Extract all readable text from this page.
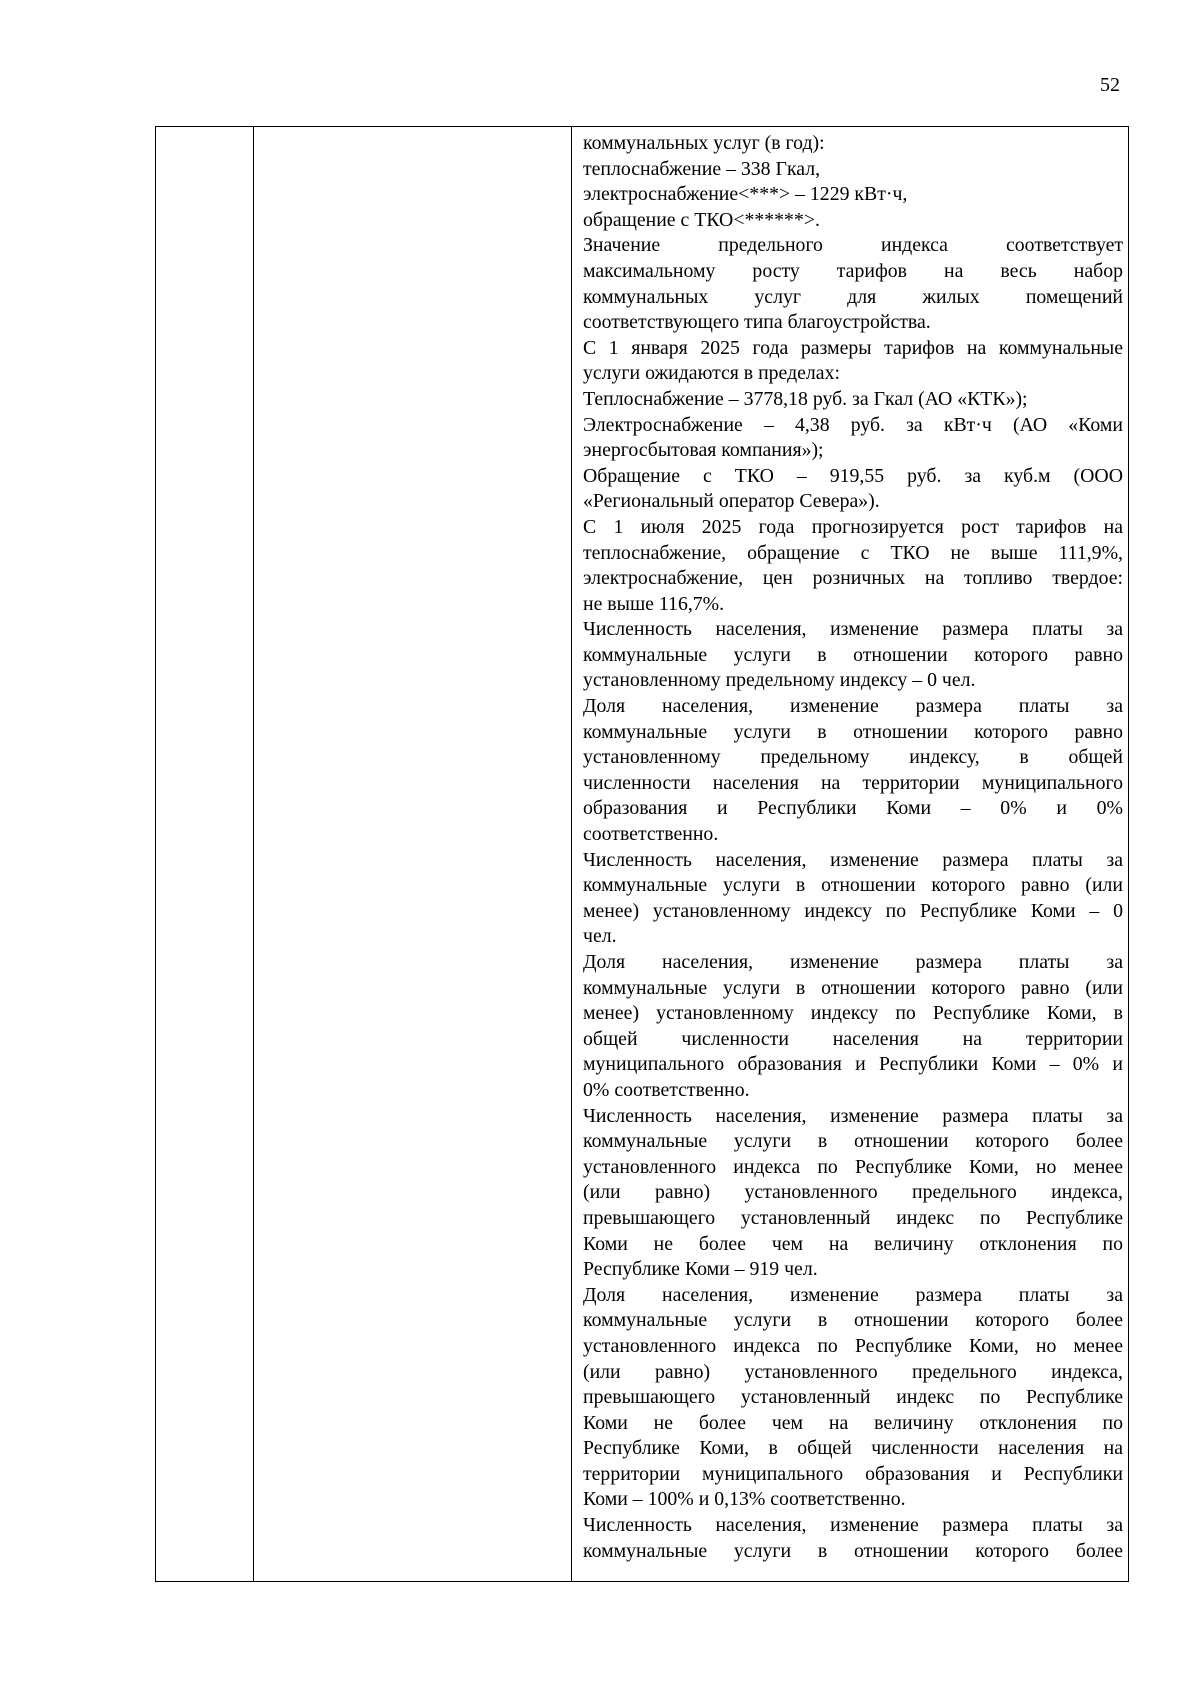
52
коммунальных услуг (в год):
теплоснабжение – 338 Гкал,
электроснабжение<***> – 1229 кВт·ч,
обращение с ТКО<******>.
Значение предельного индекса соответствует
максимальному росту тарифов на весь набор
коммунальных услуг для жилых помещений
соответствующего типа благоустройства.
С 1 января 2025 года размеры тарифов на коммунальные
услуги ожидаются в пределах:
Теплоснабжение – 3778,18 руб. за Гкал (АО «КТК»);
Электроснабжение – 4,38 руб. за кВт·ч (АО «Коми
энергосбытовая компания»);
Обращение с ТКО – 919,55 руб. за куб.м (ООО
«Региональный оператор Севера»).
С 1 июля 2025 года прогнозируется рост тарифов на
теплоснабжение, обращение с ТКО не выше 111,9%,
электроснабжение, цен розничных на топливо твердое:
не выше 116,7%.
Численность населения, изменение размера платы за
коммунальные услуги в отношении которого равно
установленному предельному индексу – 0 чел.
Доля населения, изменение размера платы за
коммунальные услуги в отношении которого равно
установленному предельному индексу, в общей
численности населения на территории муниципального
образования и Республики Коми – 0% и 0%
соответственно.
Численность населения, изменение размера платы за
коммунальные услуги в отношении которого равно (или
менее) установленному индексу по Республике Коми – 0
чел.
Доля населения, изменение размера платы за
коммунальные услуги в отношении которого равно (или
менее) установленному индексу по Республике Коми, в
общей численности населения на территории
муниципального образования и Республики Коми – 0% и
0% соответственно.
Численность населения, изменение размера платы за
коммунальные услуги в отношении которого более
установленного индекса по Республике Коми, но менее
(или равно) установленного предельного индекса,
превышающего установленный индекс по Республике
Коми не более чем на величину отклонения по
Республике Коми – 919 чел.
Доля населения, изменение размера платы за
коммунальные услуги в отношении которого более
установленного индекса по Республике Коми, но менее
(или равно) установленного предельного индекса,
превышающего установленный индекс по Республике
Коми не более чем на величину отклонения по
Республике Коми, в общей численности населения на
территории муниципального образования и Республики
Коми – 100% и 0,13% соответственно.
Численность населения, изменение размера платы за
коммунальные услуги в отношении которого более
